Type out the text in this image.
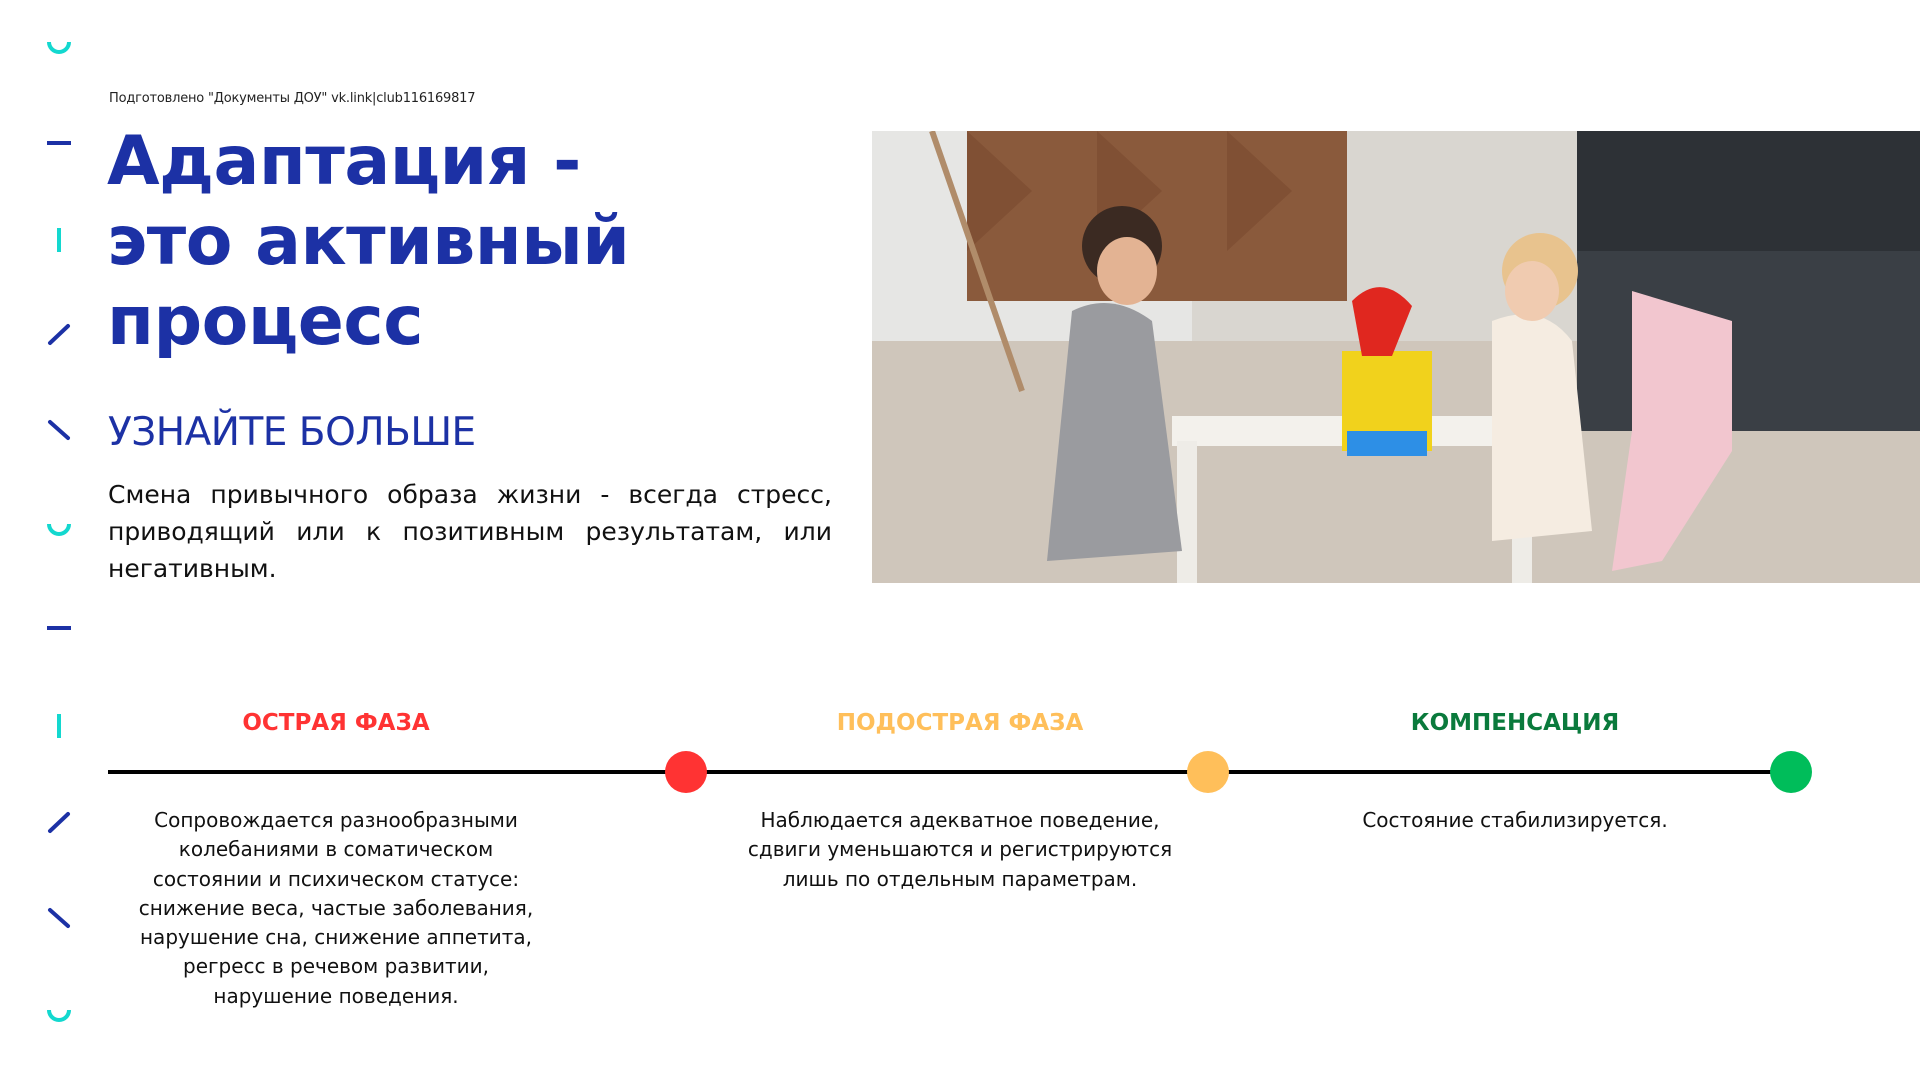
Подготовлено "Документы ДОУ" vk.link|club116169817
Адаптация -
это активный
процесс
УЗНАЙТЕ БОЛЬШЕ
Смена привычного образа жизни - всегда стресс, приводящий или к позитивным результатам, или негативным.
ОСТРАЯ ФАЗА	ПОДОСТРАЯ ФАЗА	КОМПЕНСАЦИЯ
Сопровождается разнообразными
колебаниями в соматическом
состоянии и психическом статусе:
снижение веса, частые заболевания,
нарушение сна, снижение аппетита,
регресс в речевом развитии,
нарушение поведения.
Наблюдается адекватное поведение,
сдвиги уменьшаются и регистрируются
лишь по отдельным параметрам.
Состояние стабилизируется.
